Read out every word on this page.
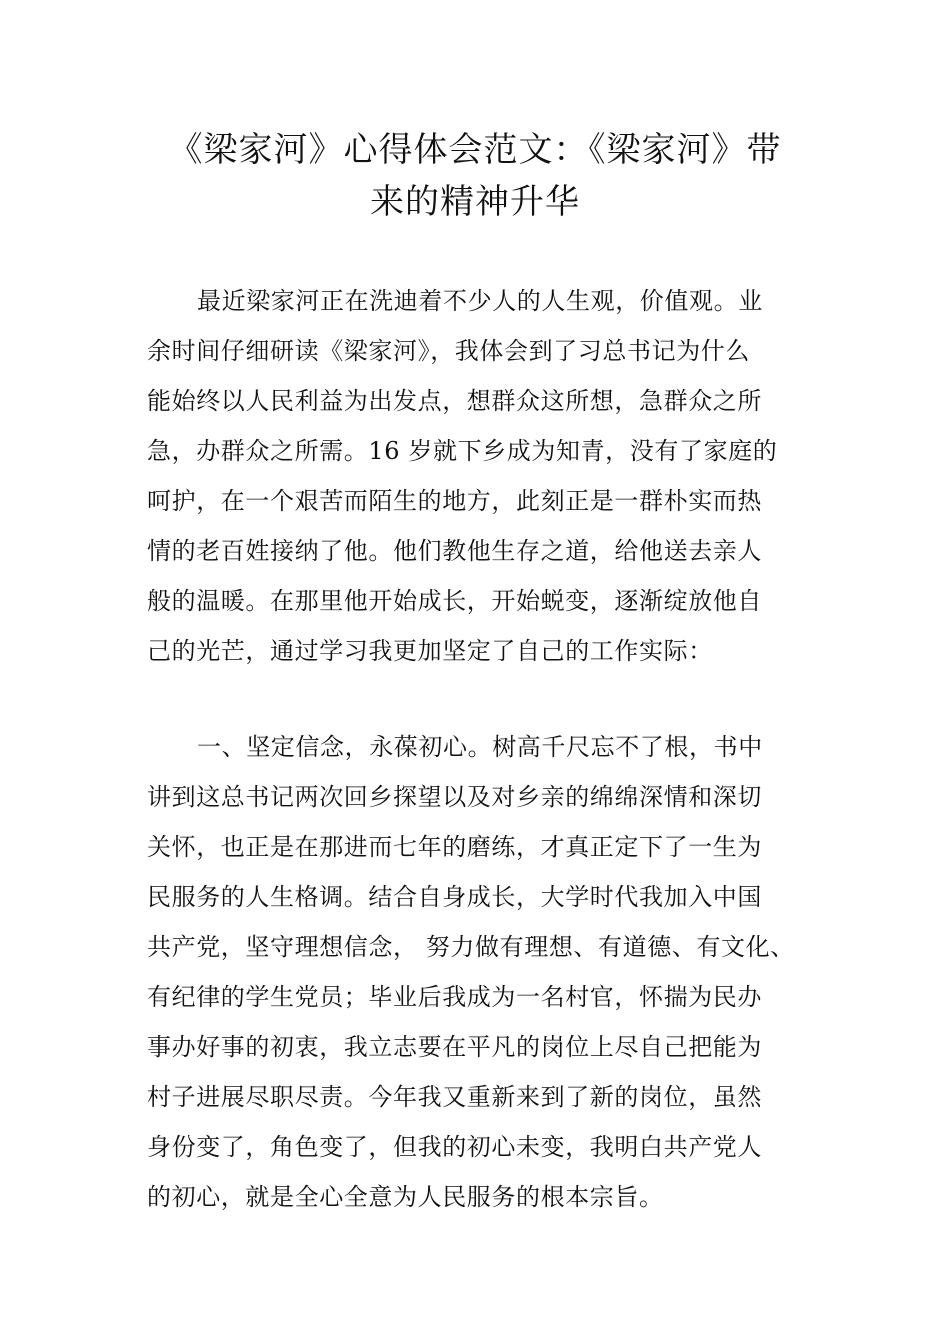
《梁家河》心得体会范文：《梁家河》带
来的精神升华
最近梁家河正在洗迪着不少人的人生观，价值观。业
余时间仔细研读《梁家河》，我体会到了习总书记为什么
能始终以人民利益为出发点，想群众这所想，急群众之所
急，办群众之所需。16 岁就下乡成为知青，没有了家庭的
呵护，在一个艰苦而陌生的地方，此刻正是一群朴实而热
情的老百姓接纳了他。他们教他生存之道，给他送去亲人
般的温暖。在那里他开始成长，开始蜕变，逐渐绽放他自
己的光芒，通过学习我更加坚定了自己的工作实际：
一、坚定信念，永葆初心。树高千尺忘不了根，书中
讲到这总书记两次回乡探望以及对乡亲的绵绵深情和深切
关怀，也正是在那进而七年的磨练，才真正定下了一生为
民服务的人生格调。结合自身成长，大学时代我加入中国
共产党，坚守理想信念， 努力做有理想、有道德、有文化、
有纪律的学生党员；毕业后我成为一名村官，怀揣为民办
事办好事的初衷，我立志要在平凡的岗位上尽自己把能为
村子进展尽职尽责。今年我又重新来到了新的岗位，虽然
身份变了，角色变了，但我的初心未变，我明白共产党人
的初心，就是全心全意为人民服务的根本宗旨。
